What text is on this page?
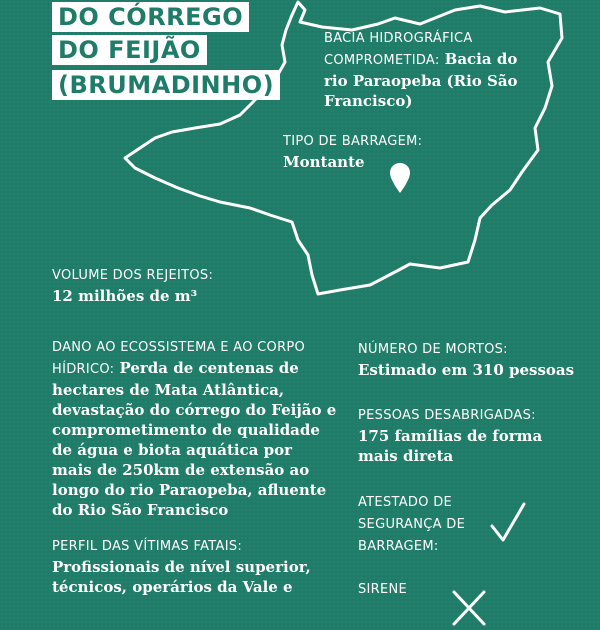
DO CÓRREGO
DO FEIJÃO
(BRUMADINHO)
BACIA HIDROGRÁFICA COMPROMETIDA: Bacia do rio Paraopeba (Rio São Francisco)
TIPO DE BARRAGEM:
Montante
VOLUME DOS REJEITOS:
12 milhões de m³
DANO AO ECOSSISTEMA E AO CORPO HÍDRICO: Perda de centenas de hectares de Mata Atlântica, devastação do córrego do Feijão e comprometimento de qualidade de água e biota aquática por mais de 250km de extensão ao longo do rio Paraopeba, afluente do Rio São Francisco
NÚMERO DE MORTOS:
Estimado em 310 pessoas
PESSOAS DESABRIGADAS:
175 famílias de forma mais direta
ATESTADO DE SEGURANÇA DE BARRAGEM:
PERFIL DAS VÍTIMAS FATAIS:
Profissionais de nível superior, técnicos, operários da Vale e	SIRENE
